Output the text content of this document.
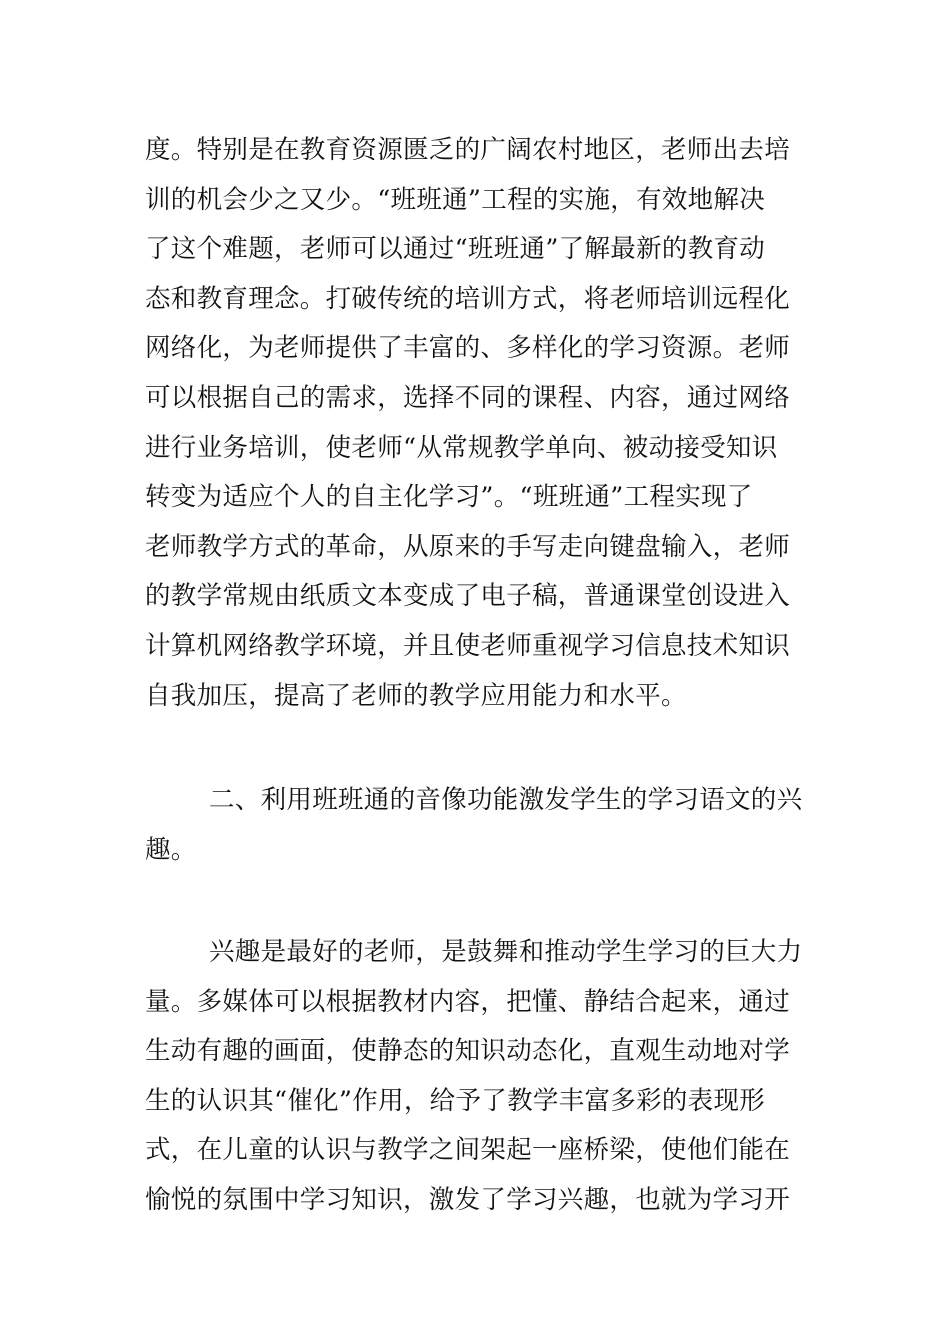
度。特别是在教育资源匮乏的广阔农村地区，老师出去培
训的机会少之又少。“班班通”工程的实施，有效地解决
了这个难题，老师可以通过“班班通”了解最新的教育动
态和教育理念。打破传统的培训方式，将老师培训远程化
网络化，为老师提供了丰富的、多样化的学习资源。老师
可以根据自己的需求，选择不同的课程、内容，通过网络
进行业务培训，使老师“从常规教学单向、被动接受知识
转变为适应个人的自主化学习”。“班班通”工程实现了
老师教学方式的革命，从原来的手写走向键盘输入，老师
的教学常规由纸质文本变成了电子稿，普通课堂创设进入
计算机网络教学环境，并且使老师重视学习信息技术知识
自我加压，提高了老师的教学应用能力和水平。
二、利用班班通的音像功能激发学生的学习语文的兴
趣。
兴趣是最好的老师，是鼓舞和推动学生学习的巨大力
量。多媒体可以根据教材内容，把懂、静结合起来，通过
生动有趣的画面，使静态的知识动态化，直观生动地对学
生的认识其“催化”作用，给予了教学丰富多彩的表现形
式，在儿童的认识与教学之间架起一座桥梁，使他们能在
愉悦的氛围中学习知识，激发了学习兴趣，也就为学习开
